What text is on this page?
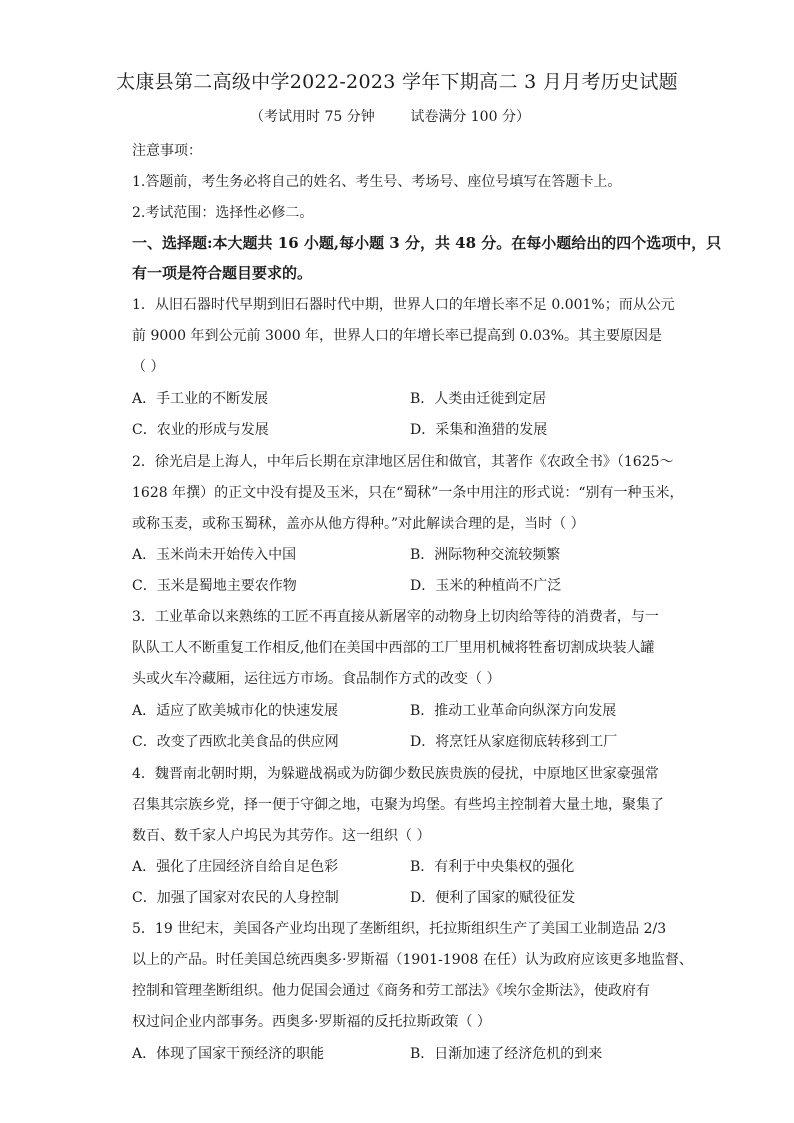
太康县第二高级中学2022-2023 学年下期高二 3 月月考历史试题
（考试用时 75 分钟        试卷满分 100 分）
注意事项：
1.答题前，考生务必将自己的姓名、考生号、考场号、座位号填写在答题卡上。
2.考试范围：选择性必修二。
一、选择题:本大题共 16 小题,每小题 3 分，共 48 分。在每小题给出的四个选项中，只
有一项是符合题目要求的。
1．从旧石器时代早期到旧石器时代中期，世界人口的年增长率不足 0.001%；而从公元
前 9000 年到公元前 3000 年，世界人口的年增长率已提高到 0.03%。其主要原因是
（ ）
A．手工业的不断发展	B．人类由迁徙到定居
C．农业的形成与发展	D．采集和渔猎的发展
2．徐光启是上海人，中年后长期在京津地区居住和做官，其著作《农政全书》（1625～
1628 年撰）的正文中没有提及玉米，只在“蜀秫”一条中用注的形式说：“别有一种玉米，
或称玉麦，或称玉蜀秫，盖亦从他方得种。”对此解读合理的是，当时（ ）
A．玉米尚未开始传入中国	B．洲际物种交流较频繁
C．玉米是蜀地主要农作物	D．玉米的种植尚不广泛
3．工业革命以来熟练的工匠不再直接从新屠宰的动物身上切肉给等待的消费者，与一
队队工人不断重复工作相反,他们在美国中西部的工厂里用机械将牲畜切割成块装人罐
头或火车冷藏厢，运往远方市场。食品制作方式的改变（ ）
A．适应了欧美城市化的快速发展	B．推动工业革命向纵深方向发展
C．改变了西欧北美食品的供应网	D．将烹饪从家庭彻底转移到工厂
4．魏晋南北朝时期，为躲避战祸或为防御少数民族贵族的侵扰，中原地区世家豪强常
召集其宗族乡党，择一便于守御之地，屯聚为坞堡。有些坞主控制着大量土地，聚集了
数百、数千家人户坞民为其劳作。这一组织（ ）
A．强化了庄园经济自给自足色彩	B．有利于中央集权的强化
C．加强了国家对农民的人身控制	D．便利了国家的赋役征发
5．19 世纪末，美国各产业均出现了垄断组织，托拉斯组织生产了美国工业制造品 2/3
以上的产品。时任美国总统西奥多·罗斯福（1901-1908 在任）认为政府应该更多地监督、
控制和管理垄断组织。他力促国会通过《商务和劳工部法》《埃尔金斯法》，使政府有
权过问企业内部事务。西奥多·罗斯福的反托拉斯政策（ ）
A．体现了国家干预经济的职能	B．日渐加速了经济危机的到来
